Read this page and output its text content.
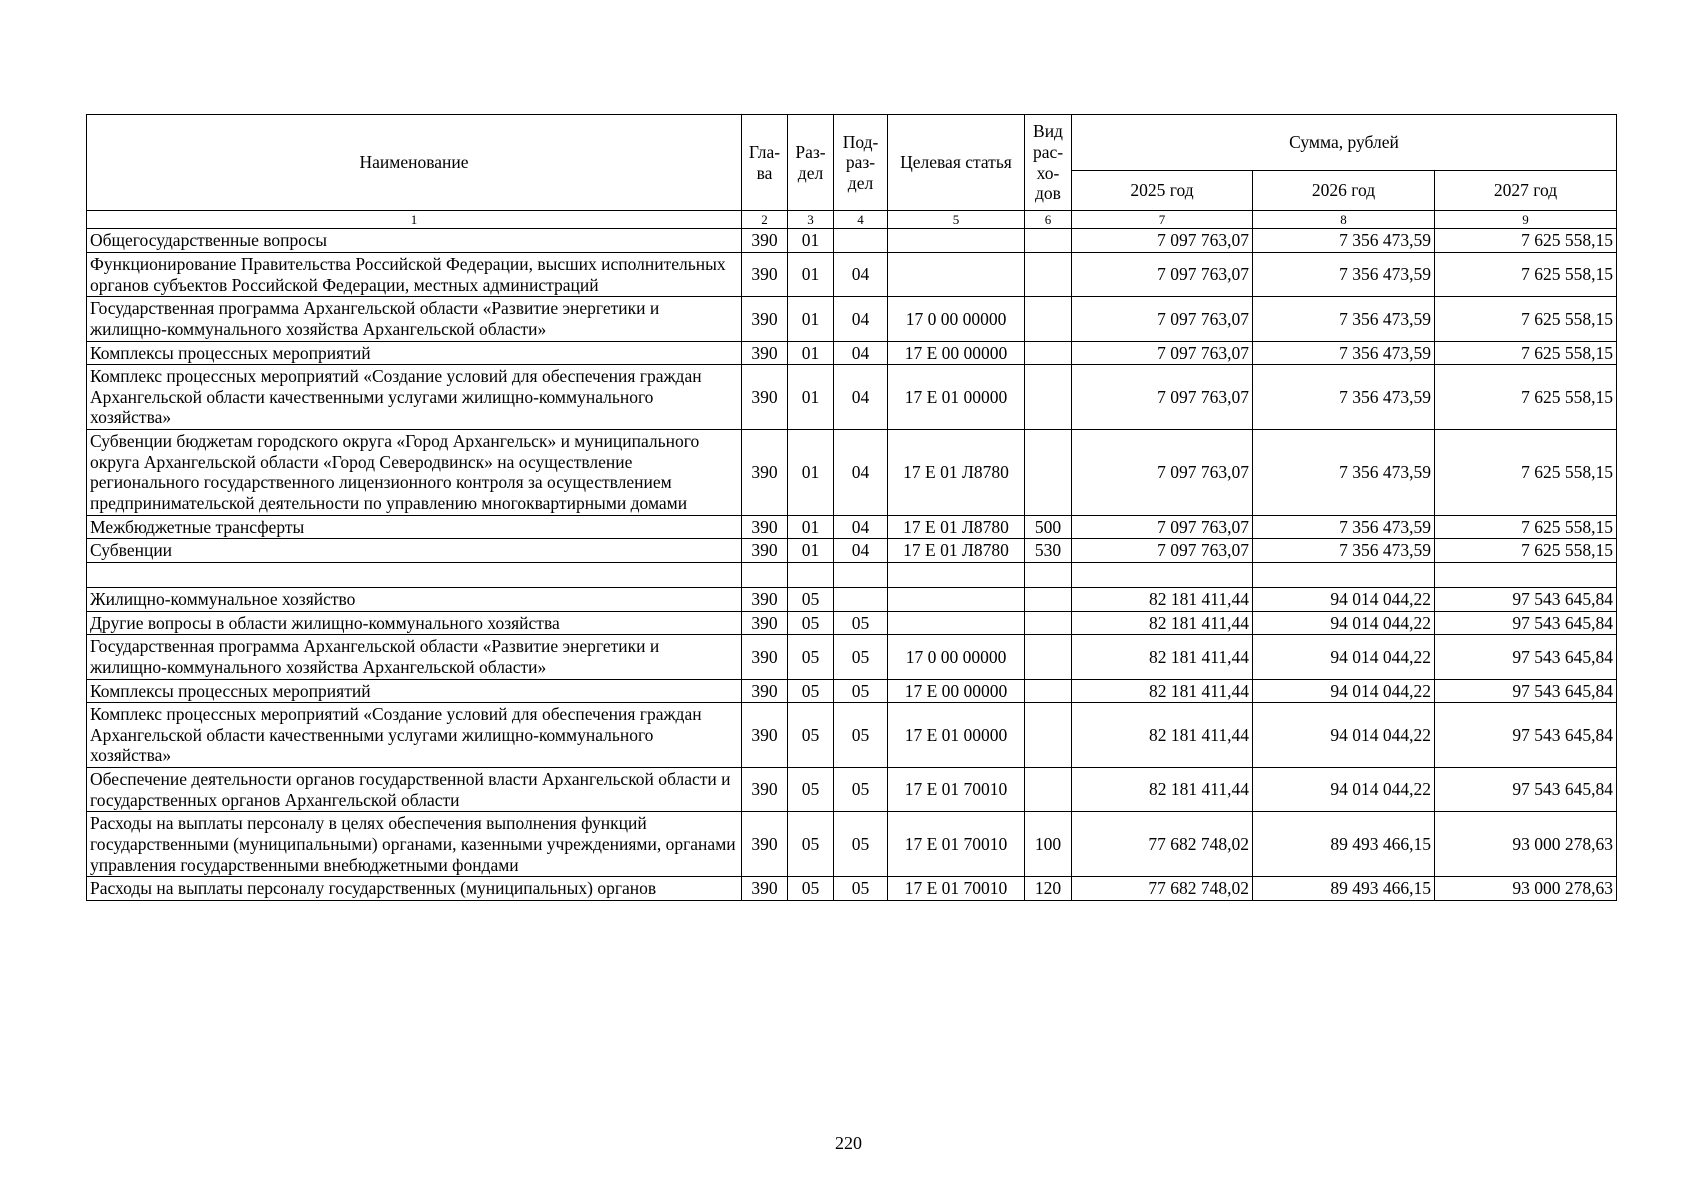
Наименование	Гла-ва	Раз-дел	Под-раз-дел	Целевая статья	Вид рас-хо-дов	Сумма, рублей		
						2025 год	2026 год	2027 год
1	2	3	4	5	6	7	8	9
Общегосударственные вопросы	390	01				7 097 763,07	7 356 473,59	7 625 558,15
Функционирование Правительства Российской Федерации, высших исполнительных органов субъектов Российской Федерации, местных администраций	390	01	04			7 097 763,07	7 356 473,59	7 625 558,15
Государственная программа Архангельской области «Развитие энергетики и жилищно-коммунального хозяйства Архангельской области»	390	01	04	17 0 00 00000		7 097 763,07	7 356 473,59	7 625 558,15
Комплексы процессных мероприятий	390	01	04	17 Е 00 00000		7 097 763,07	7 356 473,59	7 625 558,15
Комплекс процессных мероприятий «Создание условий для обеспечения граждан Архангельской области качественными услугами жилищно-коммунального хозяйства»	390	01	04	17 Е 01 00000		7 097 763,07	7 356 473,59	7 625 558,15
Субвенции бюджетам городского округа «Город Архангельск» и муниципального округа Архангельской области «Город Северодвинск» на осуществление регионального государственного лицензионного контроля за осуществлением предпринимательской деятельности по управлению многоквартирными домами	390	01	04	17 Е 01 Л8780		7 097 763,07	7 356 473,59	7 625 558,15
Межбюджетные трансферты	390	01	04	17 Е 01 Л8780	500	7 097 763,07	7 356 473,59	7 625 558,15
Субвенции	390	01	04	17 Е 01 Л8780	530	7 097 763,07	7 356 473,59	7 625 558,15

Жилищно-коммунальное хозяйство	390	05				82 181 411,44	94 014 044,22	97 543 645,84
Другие вопросы в области жилищно-коммунального хозяйства	390	05	05			82 181 411,44	94 014 044,22	97 543 645,84
Государственная программа Архангельской области «Развитие энергетики и жилищно-коммунального хозяйства Архангельской области»	390	05	05	17 0 00 00000		82 181 411,44	94 014 044,22	97 543 645,84
Комплексы процессных мероприятий	390	05	05	17 Е 00 00000		82 181 411,44	94 014 044,22	97 543 645,84
Комплекс процессных мероприятий «Создание условий для обеспечения граждан Архангельской области качественными услугами жилищно-коммунального хозяйства»	390	05	05	17 Е 01 00000		82 181 411,44	94 014 044,22	97 543 645,84
Обеспечение деятельности органов государственной власти Архангельской области и государственных органов Архангельской области	390	05	05	17 Е 01 70010		82 181 411,44	94 014 044,22	97 543 645,84
Расходы на выплаты персоналу в целях обеспечения выполнения функций государственными (муниципальными) органами, казенными учреждениями, органами управления государственными внебюджетными фондами	390	05	05	17 Е 01 70010	100	77 682 748,02	89 493 466,15	93 000 278,63
Расходы на выплаты персоналу государственных (муниципальных) органов	390	05	05	17 Е 01 70010	120	77 682 748,02	89 493 466,15	93 000 278,63
220
